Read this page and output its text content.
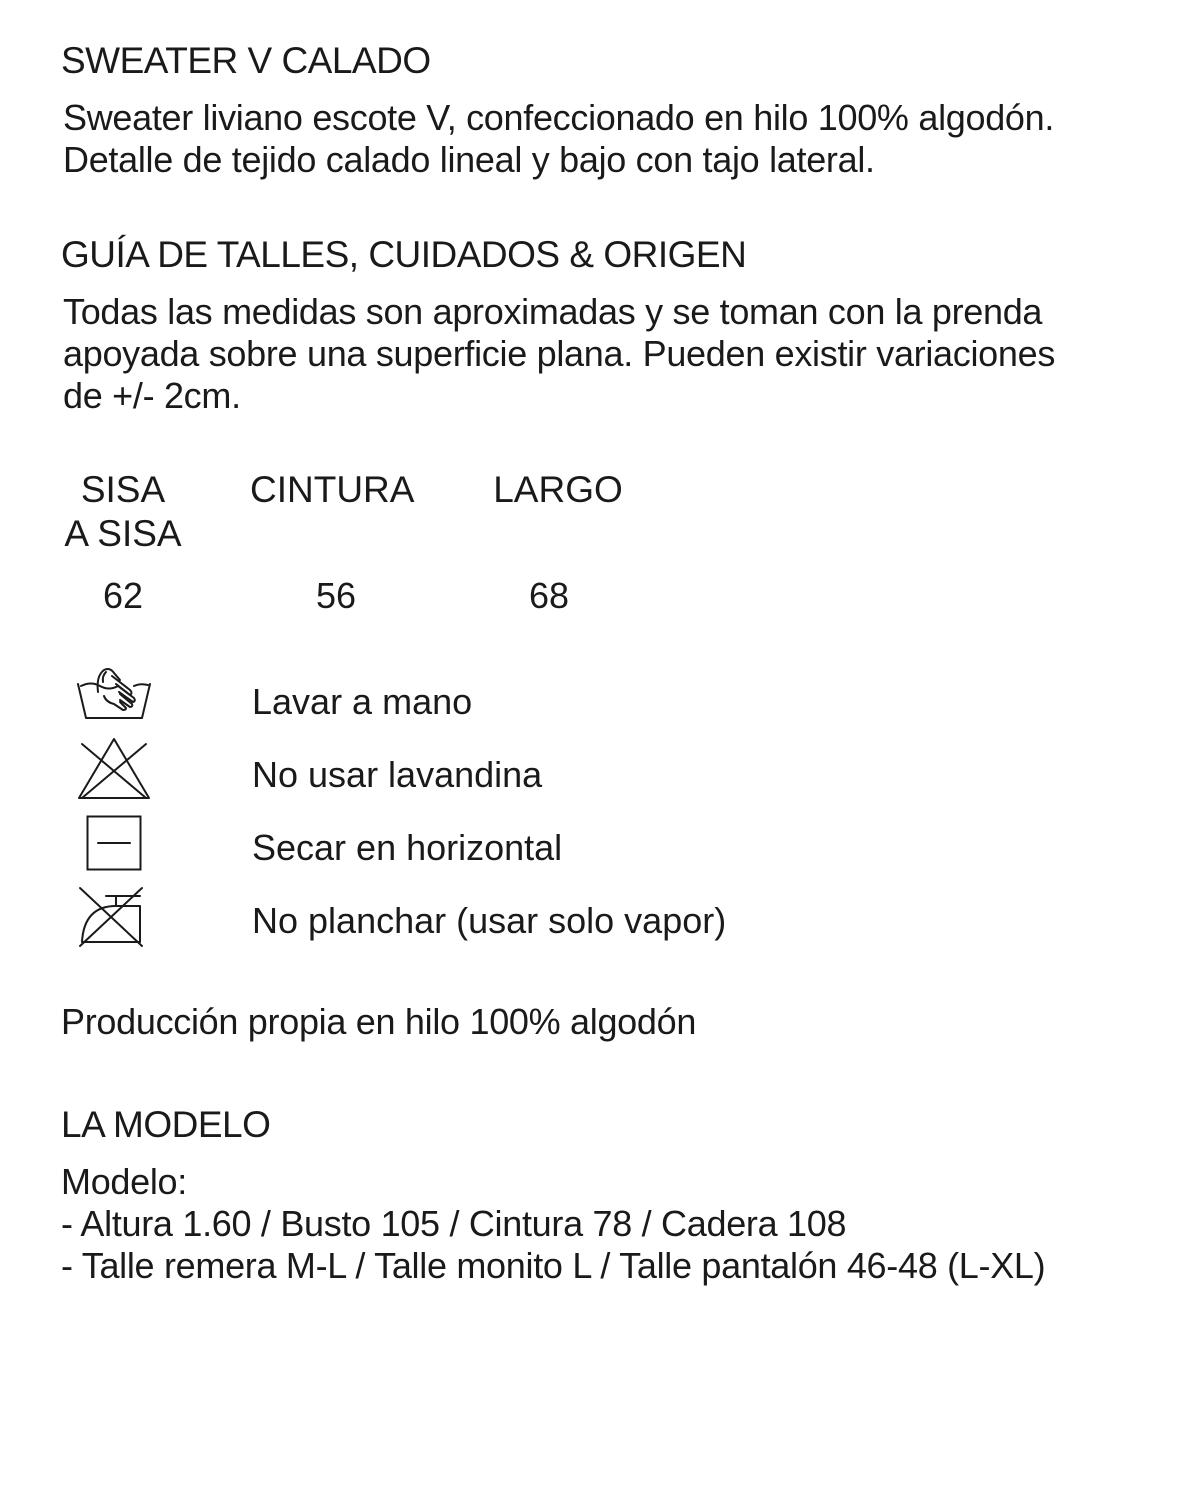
SWEATER V CALADO
Sweater liviano escote V, confeccionado en hilo 100% algodón.
Detalle de tejido calado lineal y bajo con tajo lateral.
GUÍA DE TALLES, CUIDADOS & ORIGEN
Todas las medidas son aproximadas y se toman con la prenda
apoyada sobre una superficie plana. Pueden existir variaciones
de +/- 2cm.
SISA
A SISA
CINTURA LARGO
62	56	68
Lavar a mano
No usar lavandina
Secar en horizontal
No planchar (usar solo vapor)
Producción propia en hilo 100% algodón
LA MODELO
Modelo:
- Altura 1.60 / Busto 105 / Cintura 78 / Cadera 108
- Talle remera M-L / Talle monito L / Talle pantalón 46-48 (L-XL)
